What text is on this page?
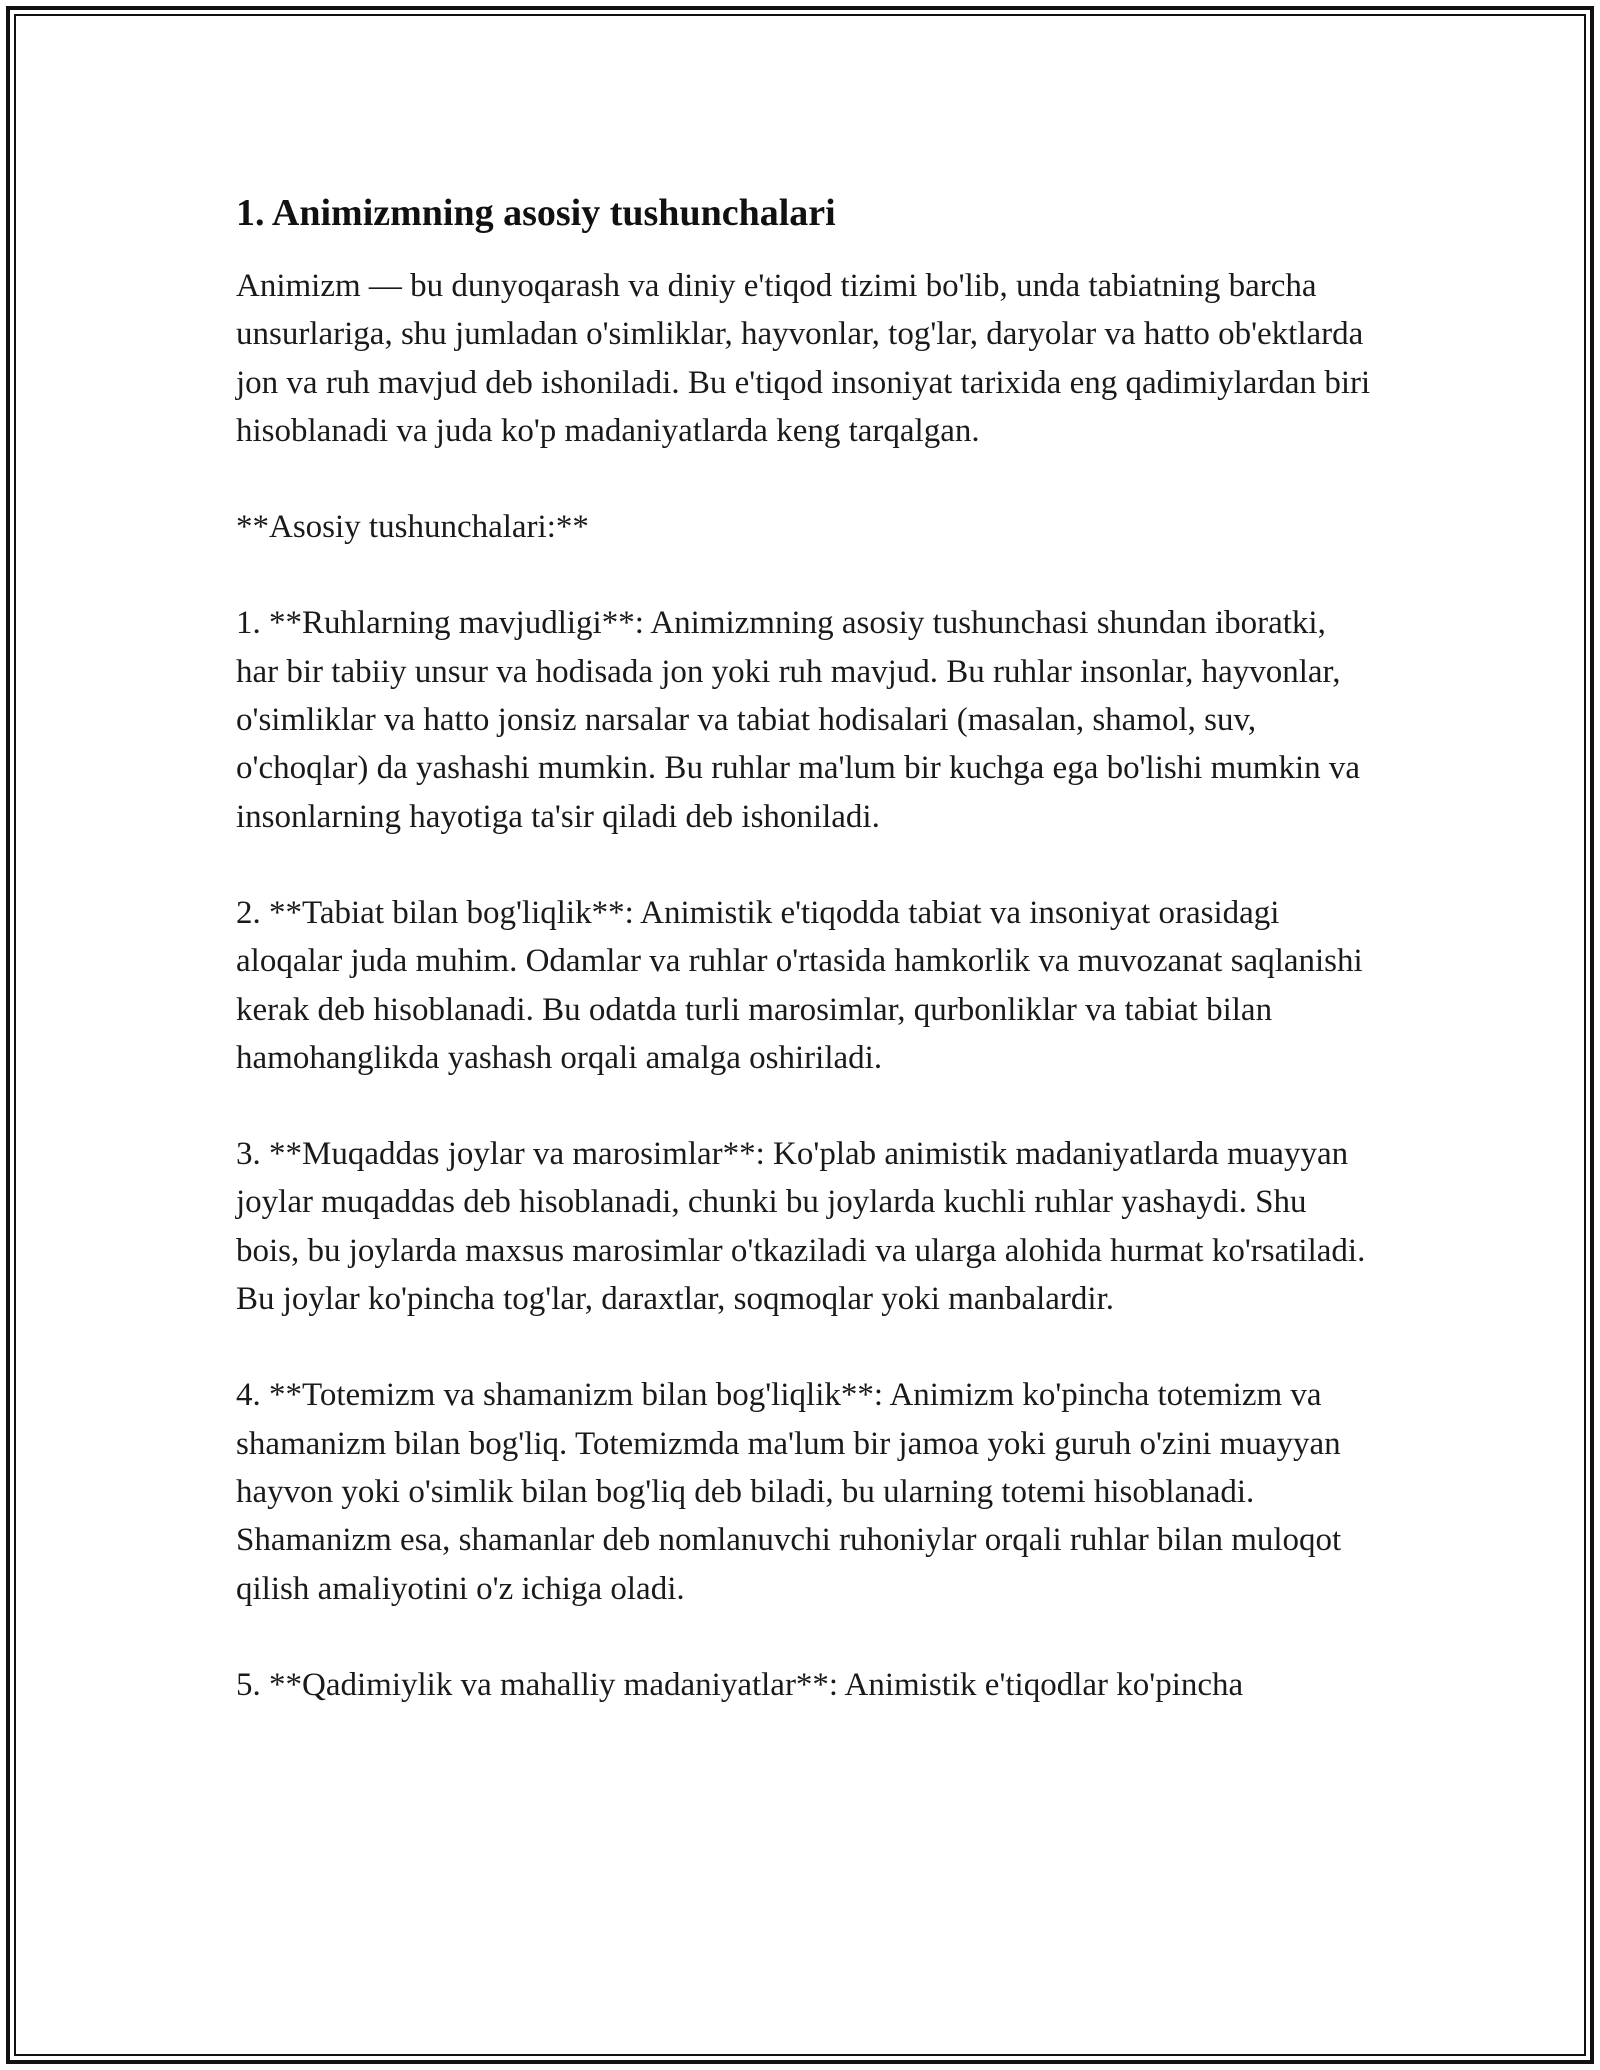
1. Animizmning asosiy tushunchalari

Animizm — bu dunyoqarash va diniy e'tiqod tizimi bo'lib, unda tabiatning barcha unsurlariga, shu jumladan o'simliklar, hayvonlar, tog'lar, daryolar va hatto ob'ektlarda jon va ruh mavjud deb ishoniladi. Bu e'tiqod insoniyat tarixida eng qadimiylardan biri hisoblanadi va juda ko'p madaniyatlarda keng tarqalgan.

**Asosiy tushunchalari:**

1. **Ruhlarning mavjudligi**: Animizmning asosiy tushunchasi shundan iboratki, har bir tabiiy unsur va hodisada jon yoki ruh mavjud. Bu ruhlar insonlar, hayvonlar, o'simliklar va hatto jonsiz narsalar va tabiat hodisalari (masalan, shamol, suv, o'choqlar) da yashashi mumkin. Bu ruhlar ma'lum bir kuchga ega bo'lishi mumkin va insonlarning hayotiga ta'sir qiladi deb ishoniladi.

2. **Tabiat bilan bog'liqlik**: Animistik e'tiqodda tabiat va insoniyat orasidagi aloqalar juda muhim. Odamlar va ruhlar o'rtasida hamkorlik va muvozanat saqlanishi kerak deb hisoblanadi. Bu odatda turli marosimlar, qurbonliklar va tabiat bilan hamohanglikda yashash orqali amalga oshiriladi.

3. **Muqaddas joylar va marosimlar**: Ko'plab animistik madaniyatlarda muayyan joylar muqaddas deb hisoblanadi, chunki bu joylarda kuchli ruhlar yashaydi. Shu bois, bu joylarda maxsus marosimlar o'tkaziladi va ularga alohida hurmat ko'rsatiladi. Bu joylar ko'pincha tog'lar, daraxtlar, soqmoqlar yoki manbalardir.

4. **Totemizm va shamanizm bilan bog'liqlik**: Animizm ko'pincha totemizm va shamanizm bilan bog'liq. Totemizmda ma'lum bir jamoa yoki guruh o'zini muayyan hayvon yoki o'simlik bilan bog'liq deb biladi, bu ularning totemi hisoblanadi. Shamanizm esa, shamanlar deb nomlanuvchi ruhoniylar orqali ruhlar bilan muloqot qilish amaliyotini o'z ichiga oladi.

5. **Qadimiylik va mahalliy madaniyatlar**: Animistik e'tiqodlar ko'pincha
